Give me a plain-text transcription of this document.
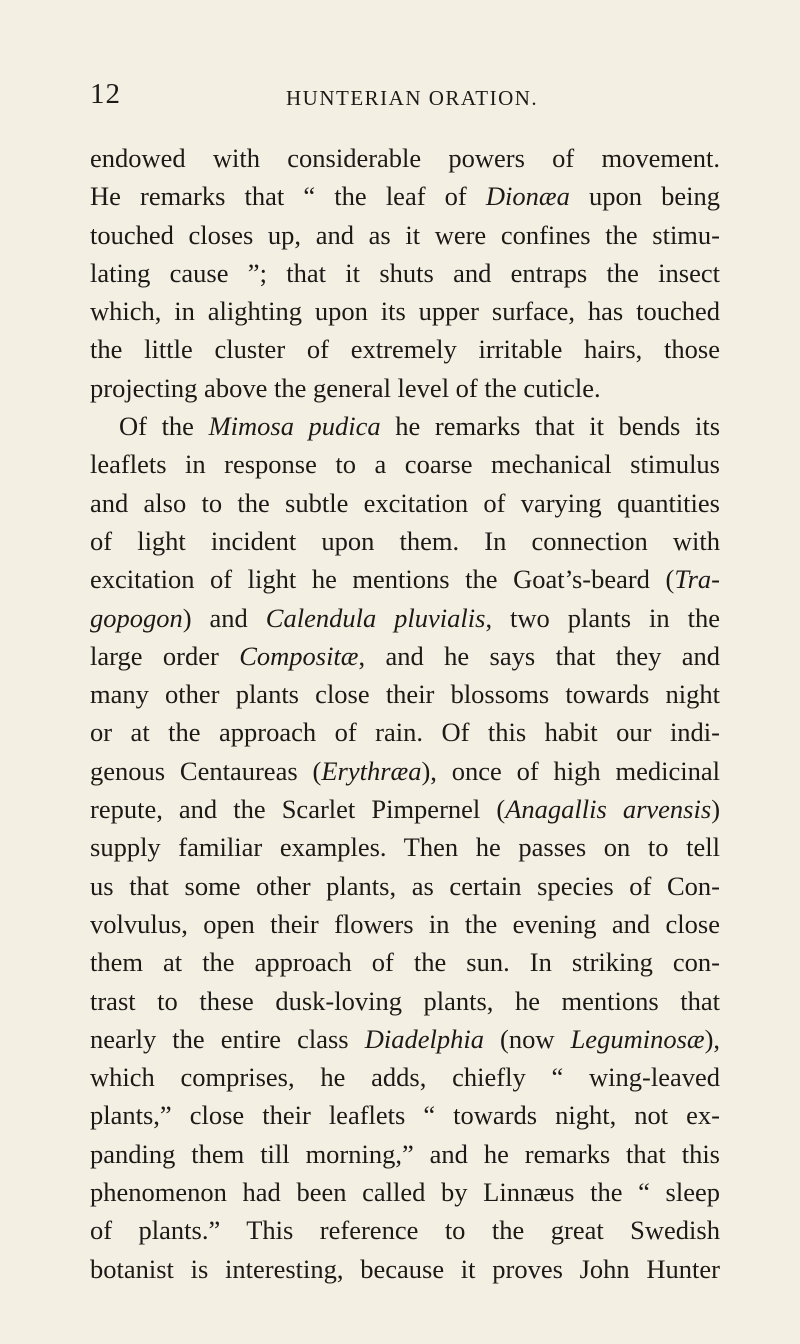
12	HUNTERIAN ORATION.
endowed with considerable powers of movement.
He remarks that “ the leaf of Dionæa upon being
touched closes up, and as it were confines the stimu-
lating cause ”; that it shuts and entraps the insect
which, in alighting upon its upper surface, has touched
the little cluster of extremely irritable hairs, those
projecting above the general level of the cuticle.
Of the Mimosa pudica he remarks that it bends its
leaflets in response to a coarse mechanical stimulus
and also to the subtle excitation of varying quantities
of light incident upon them. In connection with
excitation of light he mentions the Goat’s-beard (Tra-
gopogon) and Calendula pluvialis, two plants in the
large order Compositæ, and he says that they and
many other plants close their blossoms towards night
or at the approach of rain. Of this habit our indi-
genous Centaureas (Erythræa), once of high medicinal
repute, and the Scarlet Pimpernel (Anagallis arvensis)
supply familiar examples. Then he passes on to tell
us that some other plants, as certain species of Con-
volvulus, open their flowers in the evening and close
them at the approach of the sun. In striking con-
trast to these dusk-loving plants, he mentions that
nearly the entire class Diadelphia (now Leguminosæ),
which comprises, he adds, chiefly “ wing-leaved
plants,” close their leaflets “ towards night, not ex-
panding them till morning,” and he remarks that this
phenomenon had been called by Linnæus the “ sleep
of plants.” This reference to the great Swedish
botanist is interesting, because it proves John Hunter
